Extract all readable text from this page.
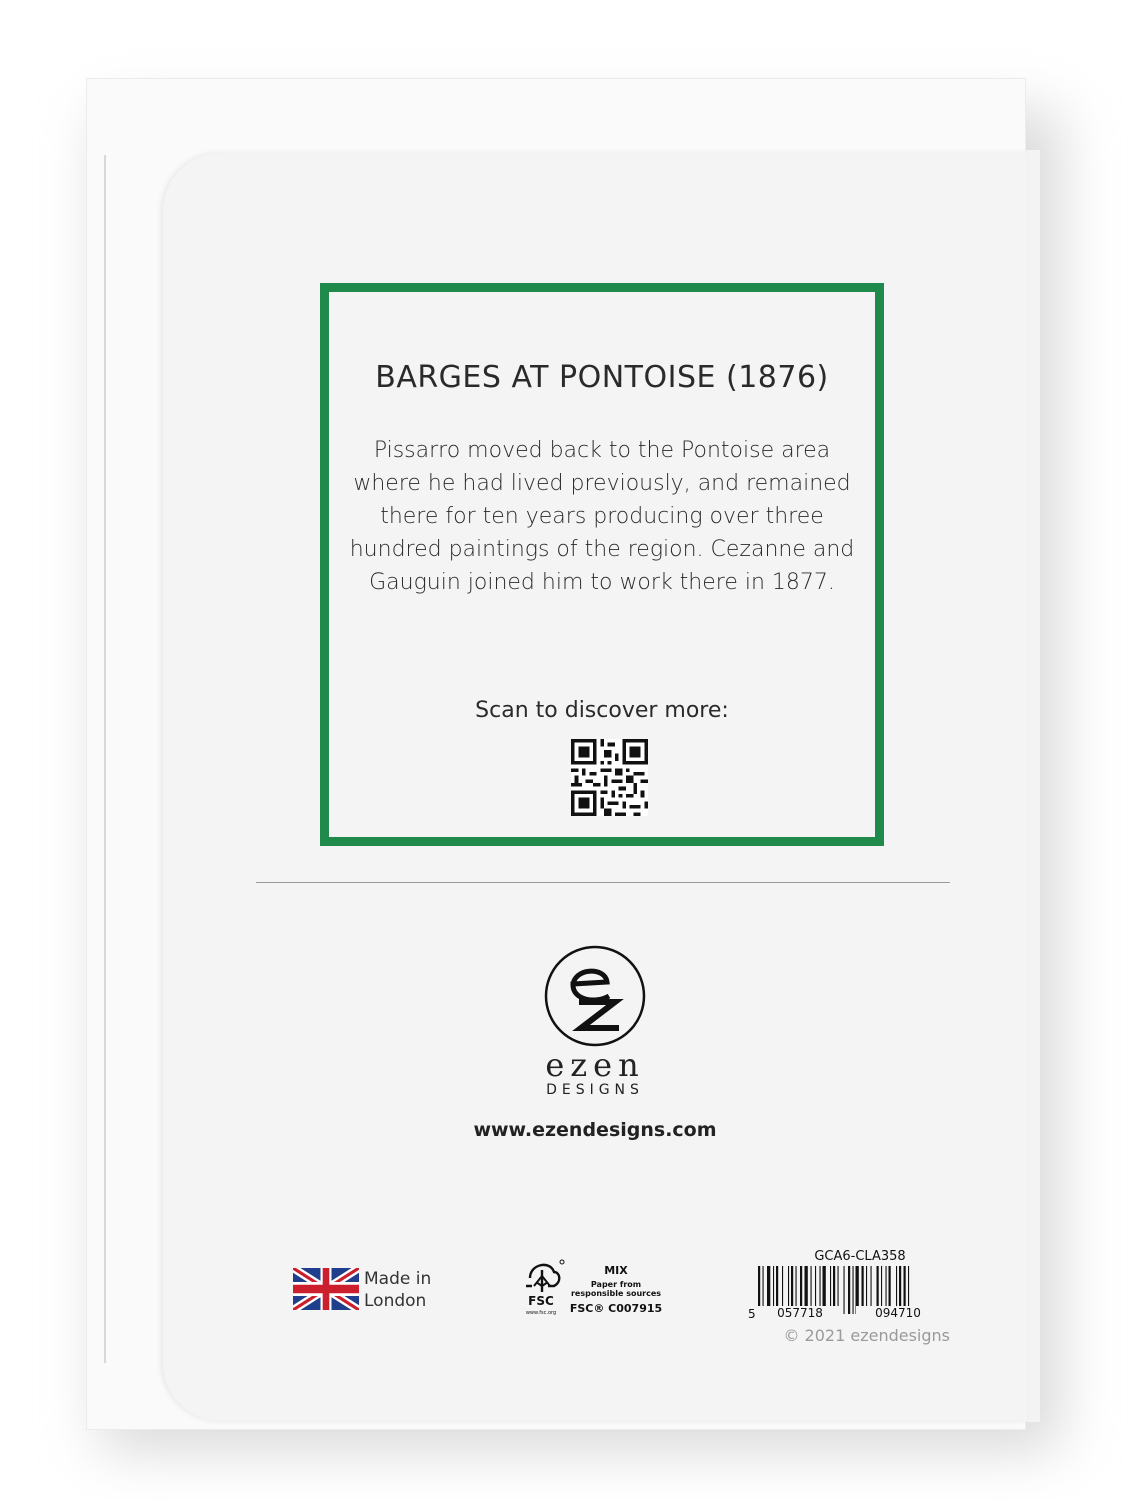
BARGES AT PONTOISE (1876)
Pissarro moved back to the Pontoise area where he had lived previously, and remained there for ten years producing over three hundred paintings of the region. Cezanne and Gauguin joined him to work there in 1877.
Scan to discover more:
ezen
DESIGNS
www.ezendesigns.com
Made in London	FSC
www.fsc.org
MIX
Paper from responsible sources
FSC® C007915
GCA6-CLA358
5 057718	094710
© 2021 ezendesigns
